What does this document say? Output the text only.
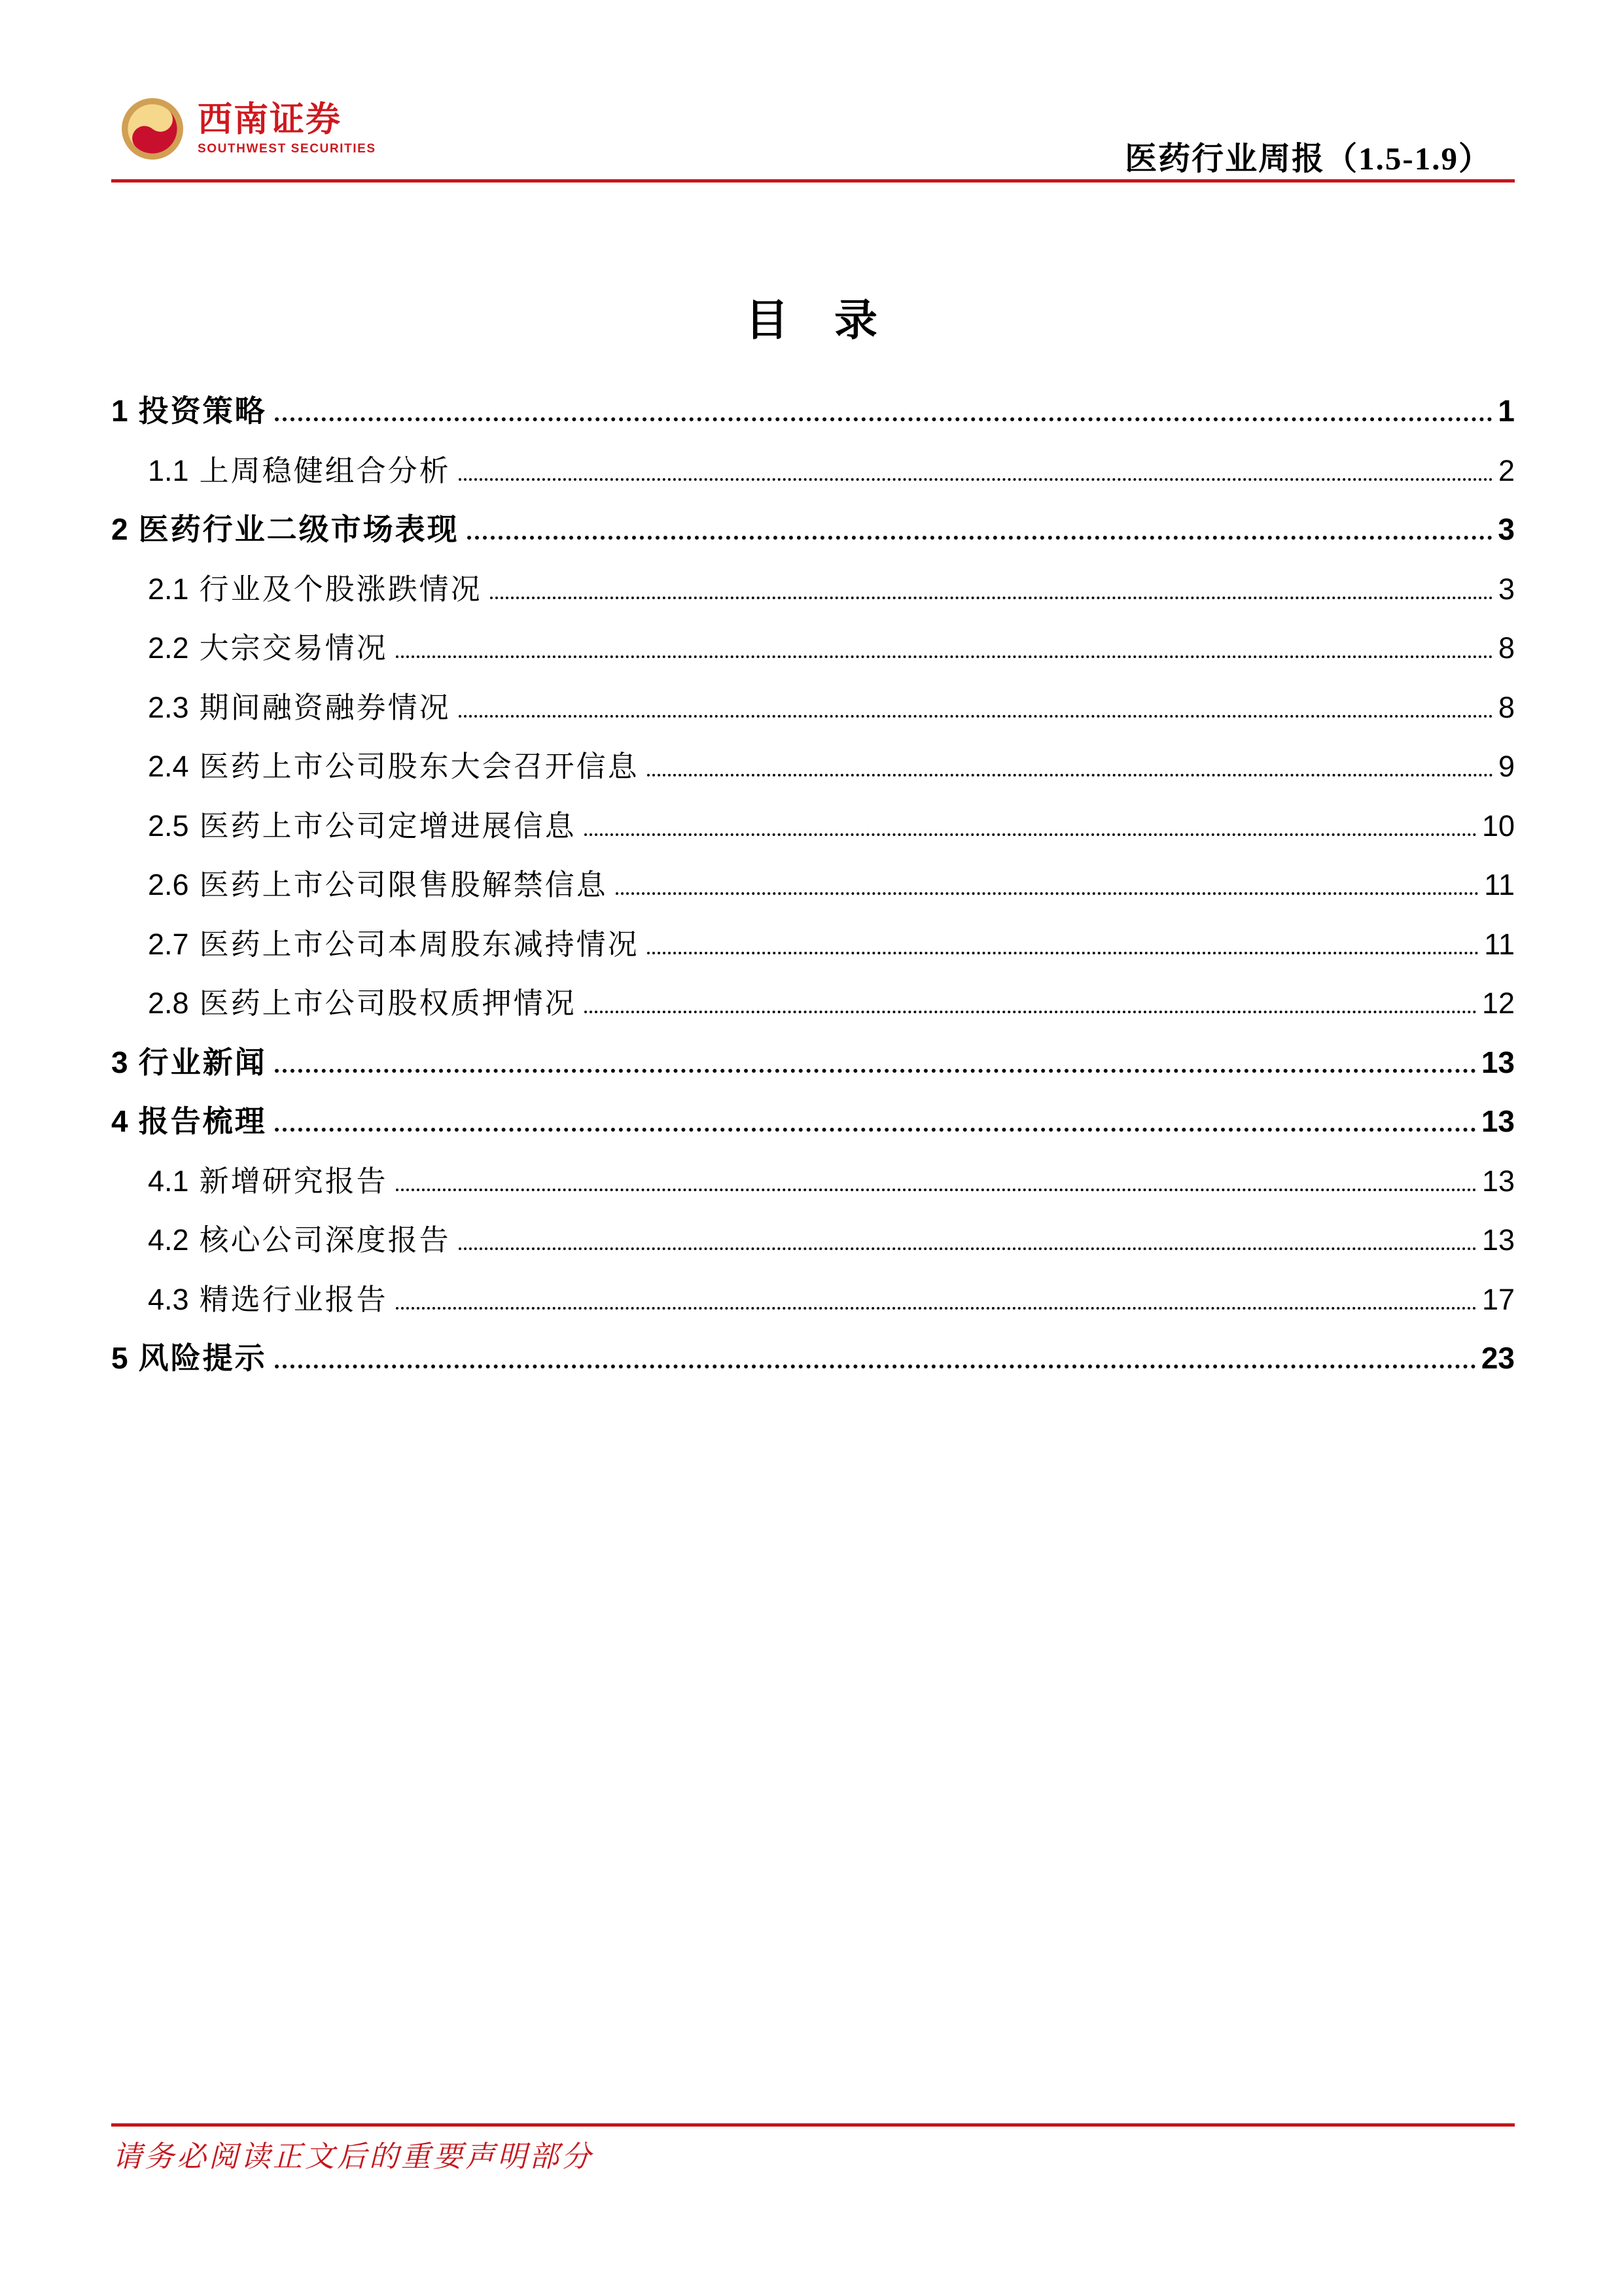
西南证券
SOUTHWEST SECURITIES	医药行业周报（1.5-1.9）
目　录
1 投资策略	1
1.1 上周稳健组合分析	2
2 医药行业二级市场表现	3
2.1 行业及个股涨跌情况	3
2.2 大宗交易情况	8
2.3 期间融资融券情况	8
2.4 医药上市公司股东大会召开信息	9
2.5 医药上市公司定增进展信息	10
2.6 医药上市公司限售股解禁信息	11
2.7 医药上市公司本周股东减持情况	11
2.8 医药上市公司股权质押情况	12
3 行业新闻	13
4 报告梳理	13
4.1 新增研究报告	13
4.2 核心公司深度报告	13
4.3 精选行业报告	17
5 风险提示	23
请务必阅读正文后的重要声明部分
